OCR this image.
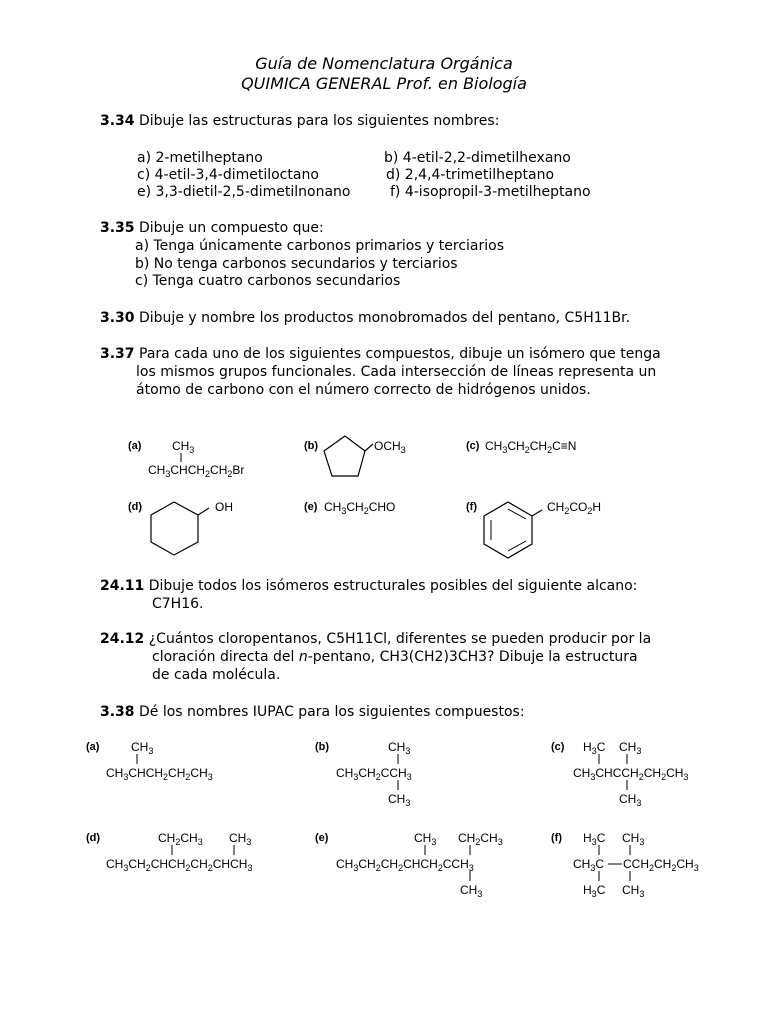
Guía de Nomenclatura Orgánica
QUIMICA GENERAL Prof. en Biología
3.34 Dibuje las estructuras para los siguientes nombres:
a) 2-metilheptano	b) 4-etil-2,2-dimetilhexano
c) 4-etil-3,4-dimetiloctano	d) 2,4,4-trimetilheptano
e) 3,3-dietil-2,5-dimetilnonano	f) 4-isopropil-3-metilheptano
3.35 Dibuje un compuesto que:
a) Tenga únicamente carbonos primarios y terciarios
b) No tenga carbonos secundarios y terciarios
c) Tenga cuatro carbonos secundarios
3.30 Dibuje y nombre los productos monobromados del pentano, C5H11Br.
3.37 Para cada uno de los siguientes compuestos, dibuje un isómero que tenga
los mismos grupos funcionales. Cada intersección de líneas representa un
átomo de carbono con el número correcto de hidrógenos unidos.
(a)	$CH_3$
$CH_3CHCH_2CH_2Br$
(b)	$OCH_3$	(c) $CH_3CH_2CH_2C\equiv N$
(d)	OH	(e) $CH_3CH_2CHO$	(f)	$CH_2CO_2H$
24.11 Dibuje todos los isómeros estructurales posibles del siguiente alcano:
C7H16.
24.12 ¿Cuántos cloropentanos, C5H11Cl, diferentes se pueden producir por la
cloración directa del n-pentano, CH3(CH2)3CH3? Dibuje la estructura
de cada molécula.
3.38 Dé los nombres IUPAC para los siguientes compuestos:
(a)	$CH_3$
$CH_3CHCH_2CH_2CH_3$
(b)	$CH_3$
$CH_3CH_2CCH_3$
$CH_3$
(c) $H_3C$ $CH_3$
$CH_3CHCCH_2CH_2CH_3$
$CH_3$
(d)	$CH_2CH_3$ $CH_3$
$CH_3CH_2CHCH_2CH_2CHCH_3$
(e)	$CH_3$ $CH_2CH_3$
$CH_3CH_2CH_2CHCH_2CCH_3$
$CH_3$
(f) $H_3C$ $CH_3$
$CH_3C$ $CCH_2CH_2CH_3$
$H_3C$ $CH_3$
